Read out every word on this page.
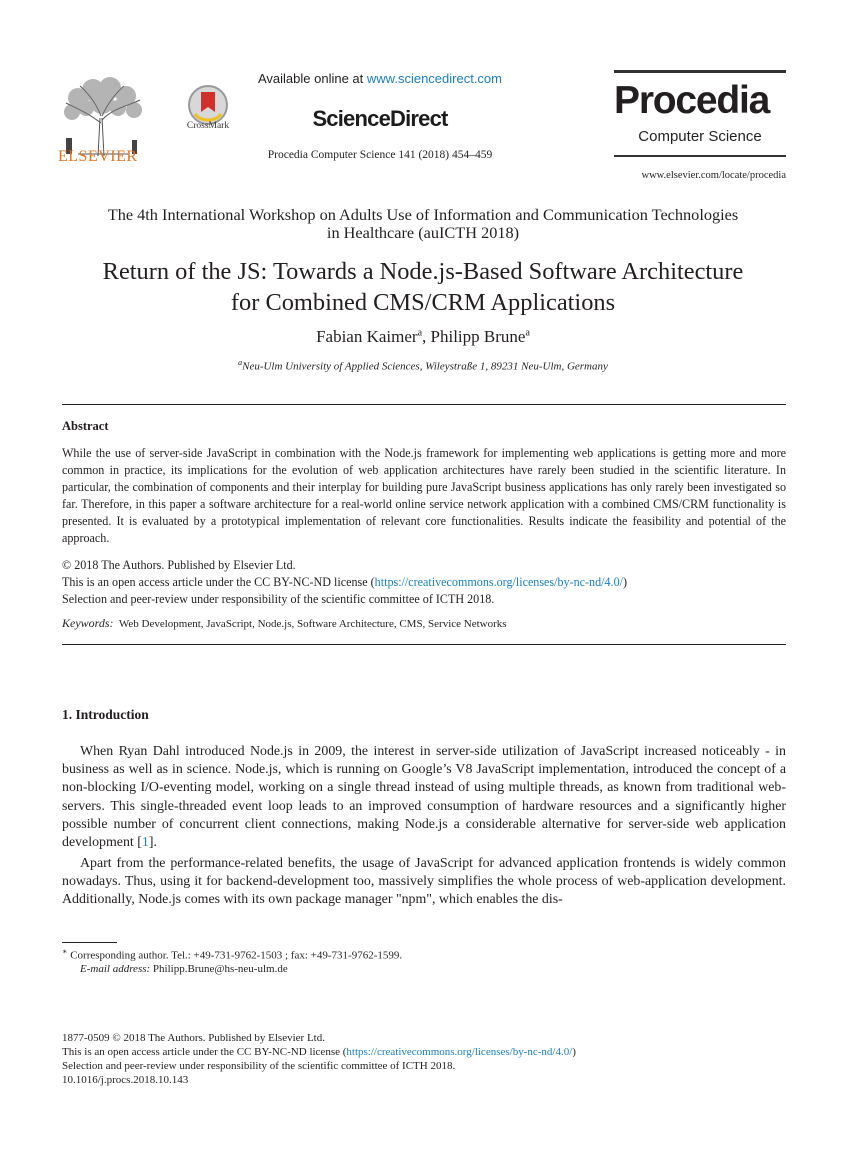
ELSEVIER
CrossMark
Available online at www.sciencedirect.com
ScienceDirect
Procedia Computer Science 141 (2018) 454–459
Procedia
Computer Science
www.elsevier.com/locate/procedia
The 4th International Workshop on Adults Use of Information and Communication Technologies
in Healthcare (auICTH 2018)
Return of the JS: Towards a Node.js-Based Software Architecture
for Combined CMS/CRM Applications
Fabian Kaimer$^a$, Philipp Brune$^a$
$^a$Neu-Ulm University of Applied Sciences, Wileystraße 1, 89231 Neu-Ulm, Germany
Abstract
While the use of server-side JavaScript in combination with the Node.js framework for implementing web applications is getting more and more common in practice, its implications for the evolution of web application architectures have rarely been studied in the scientific literature. In particular, the combination of components and their interplay for building pure JavaScript business applications has only rarely been investigated so far. Therefore, in this paper a software architecture for a real-world online service network application with a combined CMS/CRM functionality is presented. It is evaluated by a prototypical implementation of relevant core functionalities. Results indicate the feasibility and potential of the approach.
© 2018 The Authors. Published by Elsevier Ltd.
This is an open access article under the CC BY-NC-ND license (https://creativecommons.org/licenses/by-nc-nd/4.0/)
Selection and peer-review under responsibility of the scientific committee of ICTH 2018.
Keywords: Web Development, JavaScript, Node.js, Software Architecture, CMS, Service Networks
1. Introduction
When Ryan Dahl introduced Node.js in 2009, the interest in server-side utilization of JavaScript increased noticeably - in business as well as in science. Node.js, which is running on Google’s V8 JavaScript implementation, introduced the concept of a non-blocking I/O-eventing model, working on a single thread instead of using multiple threads, as known from traditional web-servers. This single-threaded event loop leads to an improved consumption of hardware resources and a significantly higher possible number of concurrent client connections, making Node.js a considerable alternative for server-side web application development [1].
Apart from the performance-related benefits, the usage of JavaScript for advanced application frontends is widely common nowadays. Thus, using it for backend-development too, massively simplifies the whole process of web-application development. Additionally, Node.js comes with its own package manager "npm", which enables the dis-
∗ Corresponding author. Tel.: +49-731-9762-1503 ; fax: +49-731-9762-1599.
E-mail address: Philipp.Brune@hs-neu-ulm.de
1877-0509 © 2018 The Authors. Published by Elsevier Ltd.
This is an open access article under the CC BY-NC-ND license (https://creativecommons.org/licenses/by-nc-nd/4.0/)
Selection and peer-review under responsibility of the scientific committee of ICTH 2018.
10.1016/j.procs.2018.10.143
